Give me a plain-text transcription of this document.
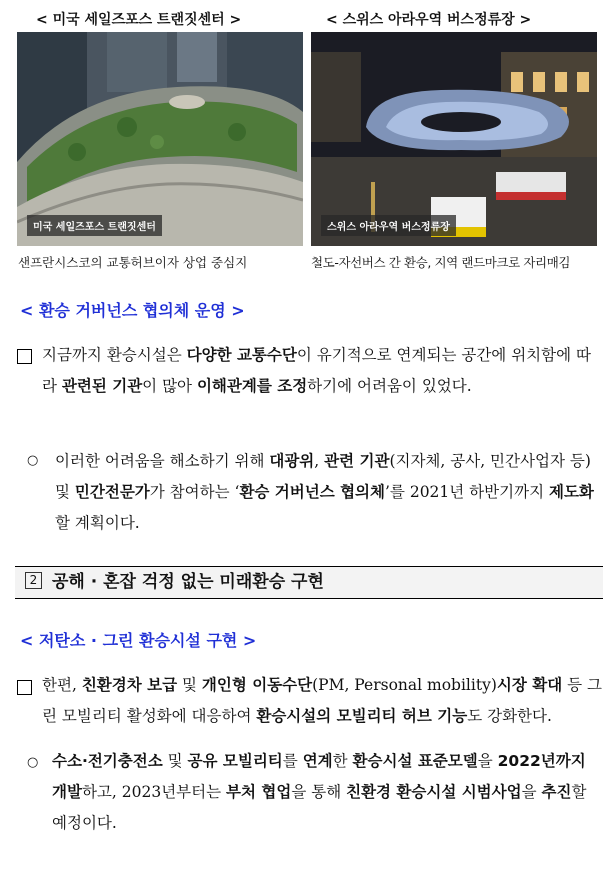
< 미국 세일즈포스 트랜짓센터 >	< 스위스 아라우역 버스정류장 >
미국 세일즈포스 트랜짓센터	스위스 아라우역 버스정류장
샌프란시스코의 교통허브이자 상업 중심지	철도-자선버스 간 환승, 지역 랜드마크로 자리매김
< 환승 거버넌스 협의체 운영 >
지금까지 환승시설은 다양한 교통수단이 유기적으로 연계되는 공간에 위치함에 따라 관련된 기관이 많아 이해관계를 조정하기에 어려움이 있었다.
○ 이러한 어려움을 해소하기 위해 대광위, 관련 기관(지자체, 공사, 민간사업자 등) 및 민간전문가가 참여하는 ‘환승 거버넌스 협의체’를 2021년 하반기까지 제도화할 계획이다.
2 공해 · 혼잡 걱정 없는 미래환승 구현
< 저탄소 · 그린 환승시설 구현 >
한편, 친환경차 보급 및 개인형 이동수단(PM, Personal mobility)시장 확대 등 그린 모빌리티 활성화에 대응하여 환승시설의 모빌리티 허브 기능도 강화한다.
○ 수소·전기충전소 및 공유 모빌리티를 연계한 환승시설 표준모델을 2022년까지 개발하고, 2023년부터는 부처 협업을 통해 친환경 환승시설 시범사업을 추진할 예정이다.
